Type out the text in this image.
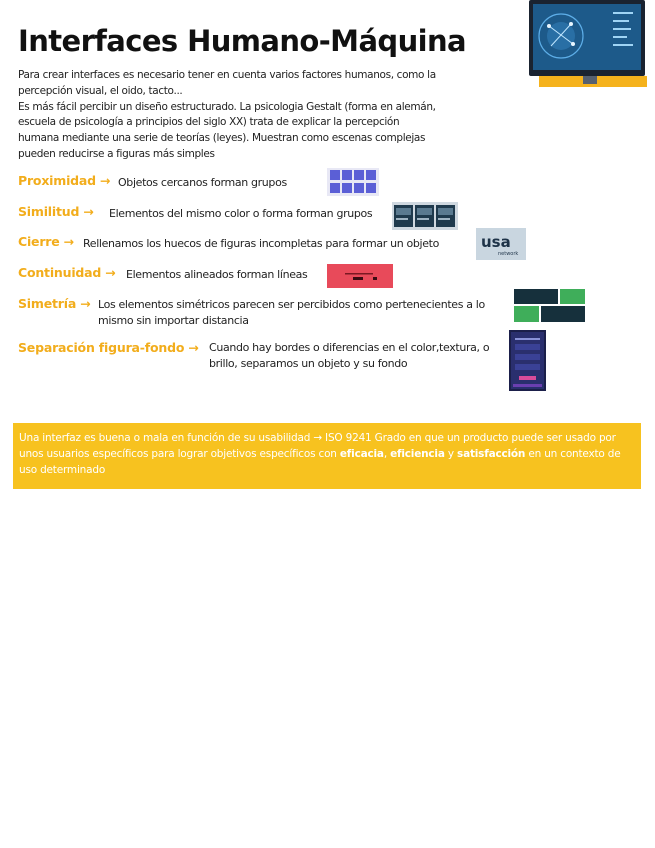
Interfaces Humano-Máquina

Para crear interfaces es necesario tener en cuenta varios factores humanos, como la percepción visual, el oido, tacto...

Es más fácil percibir un diseño estructurado. La psicologia Gestalt (forma en alemán, escuela de psicología a principios del siglo XX) trata de explicar la percepción humana mediante una serie de teorías (leyes). Muestran como escenas complejas pueden reducirse a figuras más simples

Proximidad → Objetos cercanos forman grupos
Similitud → Elementos del mismo color o forma forman grupos
Cierre → Rellenamos los huecos de figuras incompletas para formar un objeto	usa
network
Continuidad → Elementos alineados forman líneas
Simetría → Los elementos simétricos parecen ser percibidos como pertenecientes a lo mismo sin importar distancia
Separación figura-fondo → Cuando hay bordes o diferencias en el color,textura, o brillo, separamos un objeto y su fondo
Una interfaz es buena o mala en función de su usabilidad → ISO 9241 Grado en que un producto puede ser usado por unos usuarios específicos para lograr objetivos específicos con eficacia, eficiencia y satisfacción en un contexto de uso determinado
